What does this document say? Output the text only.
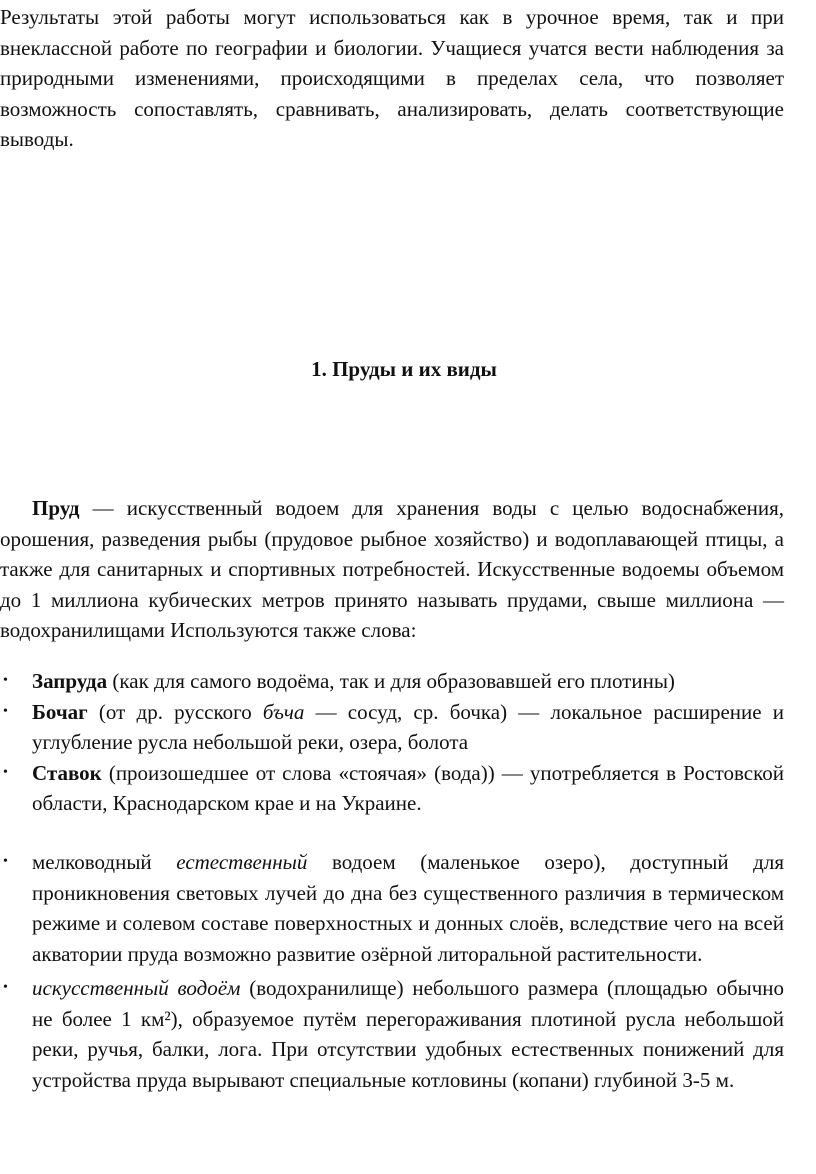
Результаты этой работы могут использоваться как в урочное время, так и при внеклассной работе по географии и биологии. Учащиеся учатся вести наблюдения за природными изменениями, происходящими в пределах села, что позволяет возможность сопоставлять, сравнивать, анализировать, делать соответствующие выводы.

1. Пруды и их виды

Пруд — искусственный водоем для хранения воды с целью водоснабжения, орошения, разведения рыбы (прудовое рыбное хозяйство) и водоплавающей птицы, а также для санитарных и спортивных потребностей. Искусственные водоемы объемом до 1 миллиона кубических метров принято называть прудами, свыше миллиона — водохранилищами Используются также слова:

• Запруда (как для самого водоёма, так и для образовавшей его плотины)
• Бочаг (от др. русского бъча — сосуд, ср. бочка) — локальное расширение и углубление русла небольшой реки, озера, болота
• Ставок (произошедшее от слова «стоячая» (вода)) — употребляется в Ростовской области, Краснодарском крае и на Украине.
• мелководный естественный водоем (маленькое озеро), доступный для проникновения световых лучей до дна без существенного различия в термическом режиме и солевом составе поверхностных и донных слоёв, вследствие чего на всей акватории пруда возможно развитие озёрной литоральной растительности.
• искусственный водоём (водохранилище) небольшого размера (площадью обычно не более 1 км²), образуемое путём перегораживания плотиной русла небольшой реки, ручья, балки, лога. При отсутствии удобных естественных понижений для устройства пруда вырывают специальные котловины (копани) глубиной 3-5 м.
